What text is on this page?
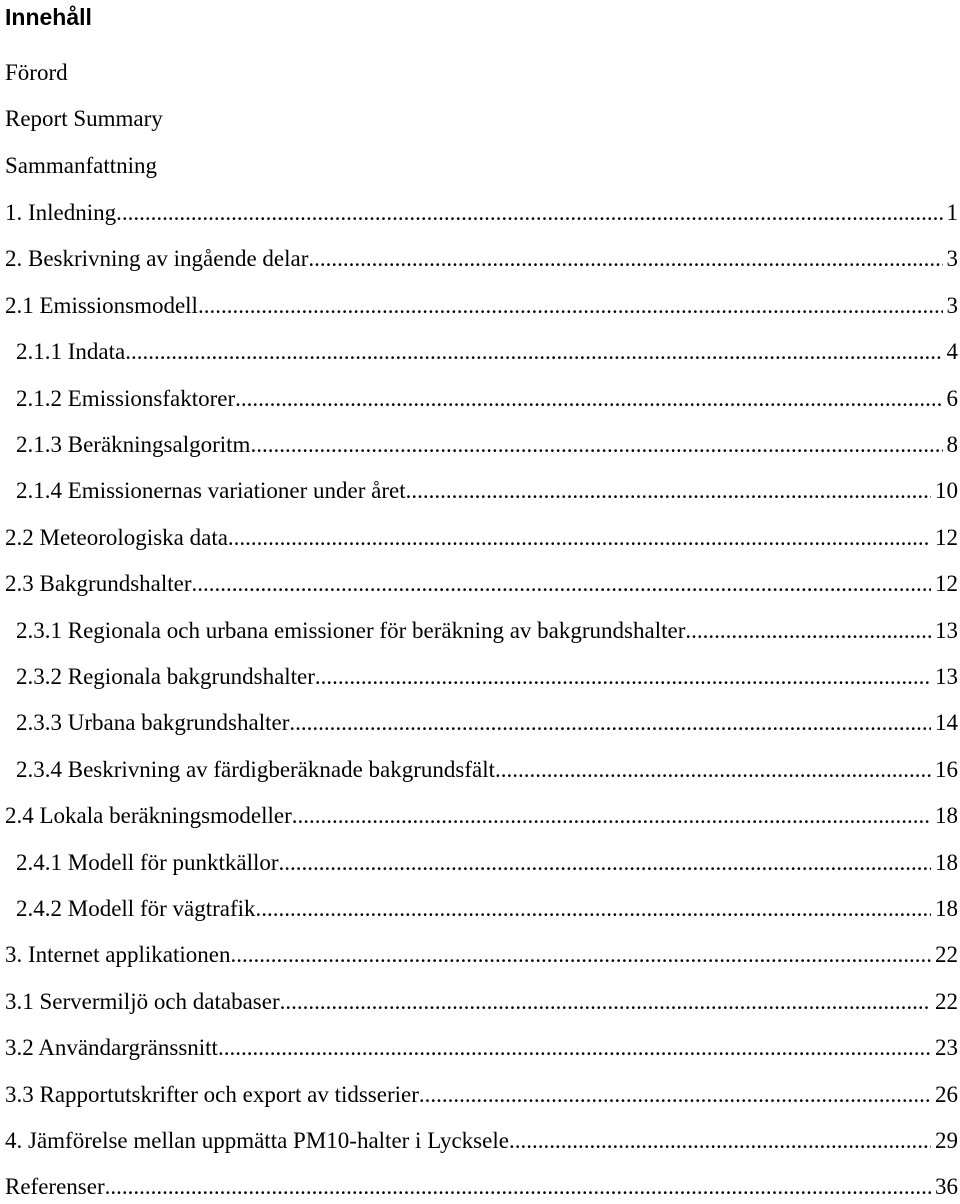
Innehåll
Förord
Report Summary
Sammanfattning
1. Inledning .....	1
2. Beskrivning av ingående delar .....	3
2.1 Emissionsmodell .....	3
2.1.1 Indata .....	4
2.1.2 Emissionsfaktorer .....	6
2.1.3 Beräkningsalgoritm .....	8
2.1.4 Emissionernas variationer under året .....	10
2.2 Meteorologiska data .....	12
2.3 Bakgrundshalter .....	12
2.3.1 Regionala och urbana emissioner för beräkning av bakgrundshalter .....	13
2.3.2 Regionala bakgrundshalter .....	13
2.3.3 Urbana bakgrundshalter .....	14
2.3.4 Beskrivning av färdigberäknade bakgrundsfält .....	16
2.4 Lokala beräkningsmodeller .....	18
2.4.1 Modell för punktkällor .....	18
2.4.2 Modell för vägtrafik .....	18
3. Internet applikationen .....	22
3.1 Servermiljö och databaser .....	22
3.2 Användargränssnitt .....	23
3.3 Rapportutskrifter och export av tidsserier .....	26
4. Jämförelse mellan uppmätta PM10-halter i Lycksele .....	29
Referenser .....	36
